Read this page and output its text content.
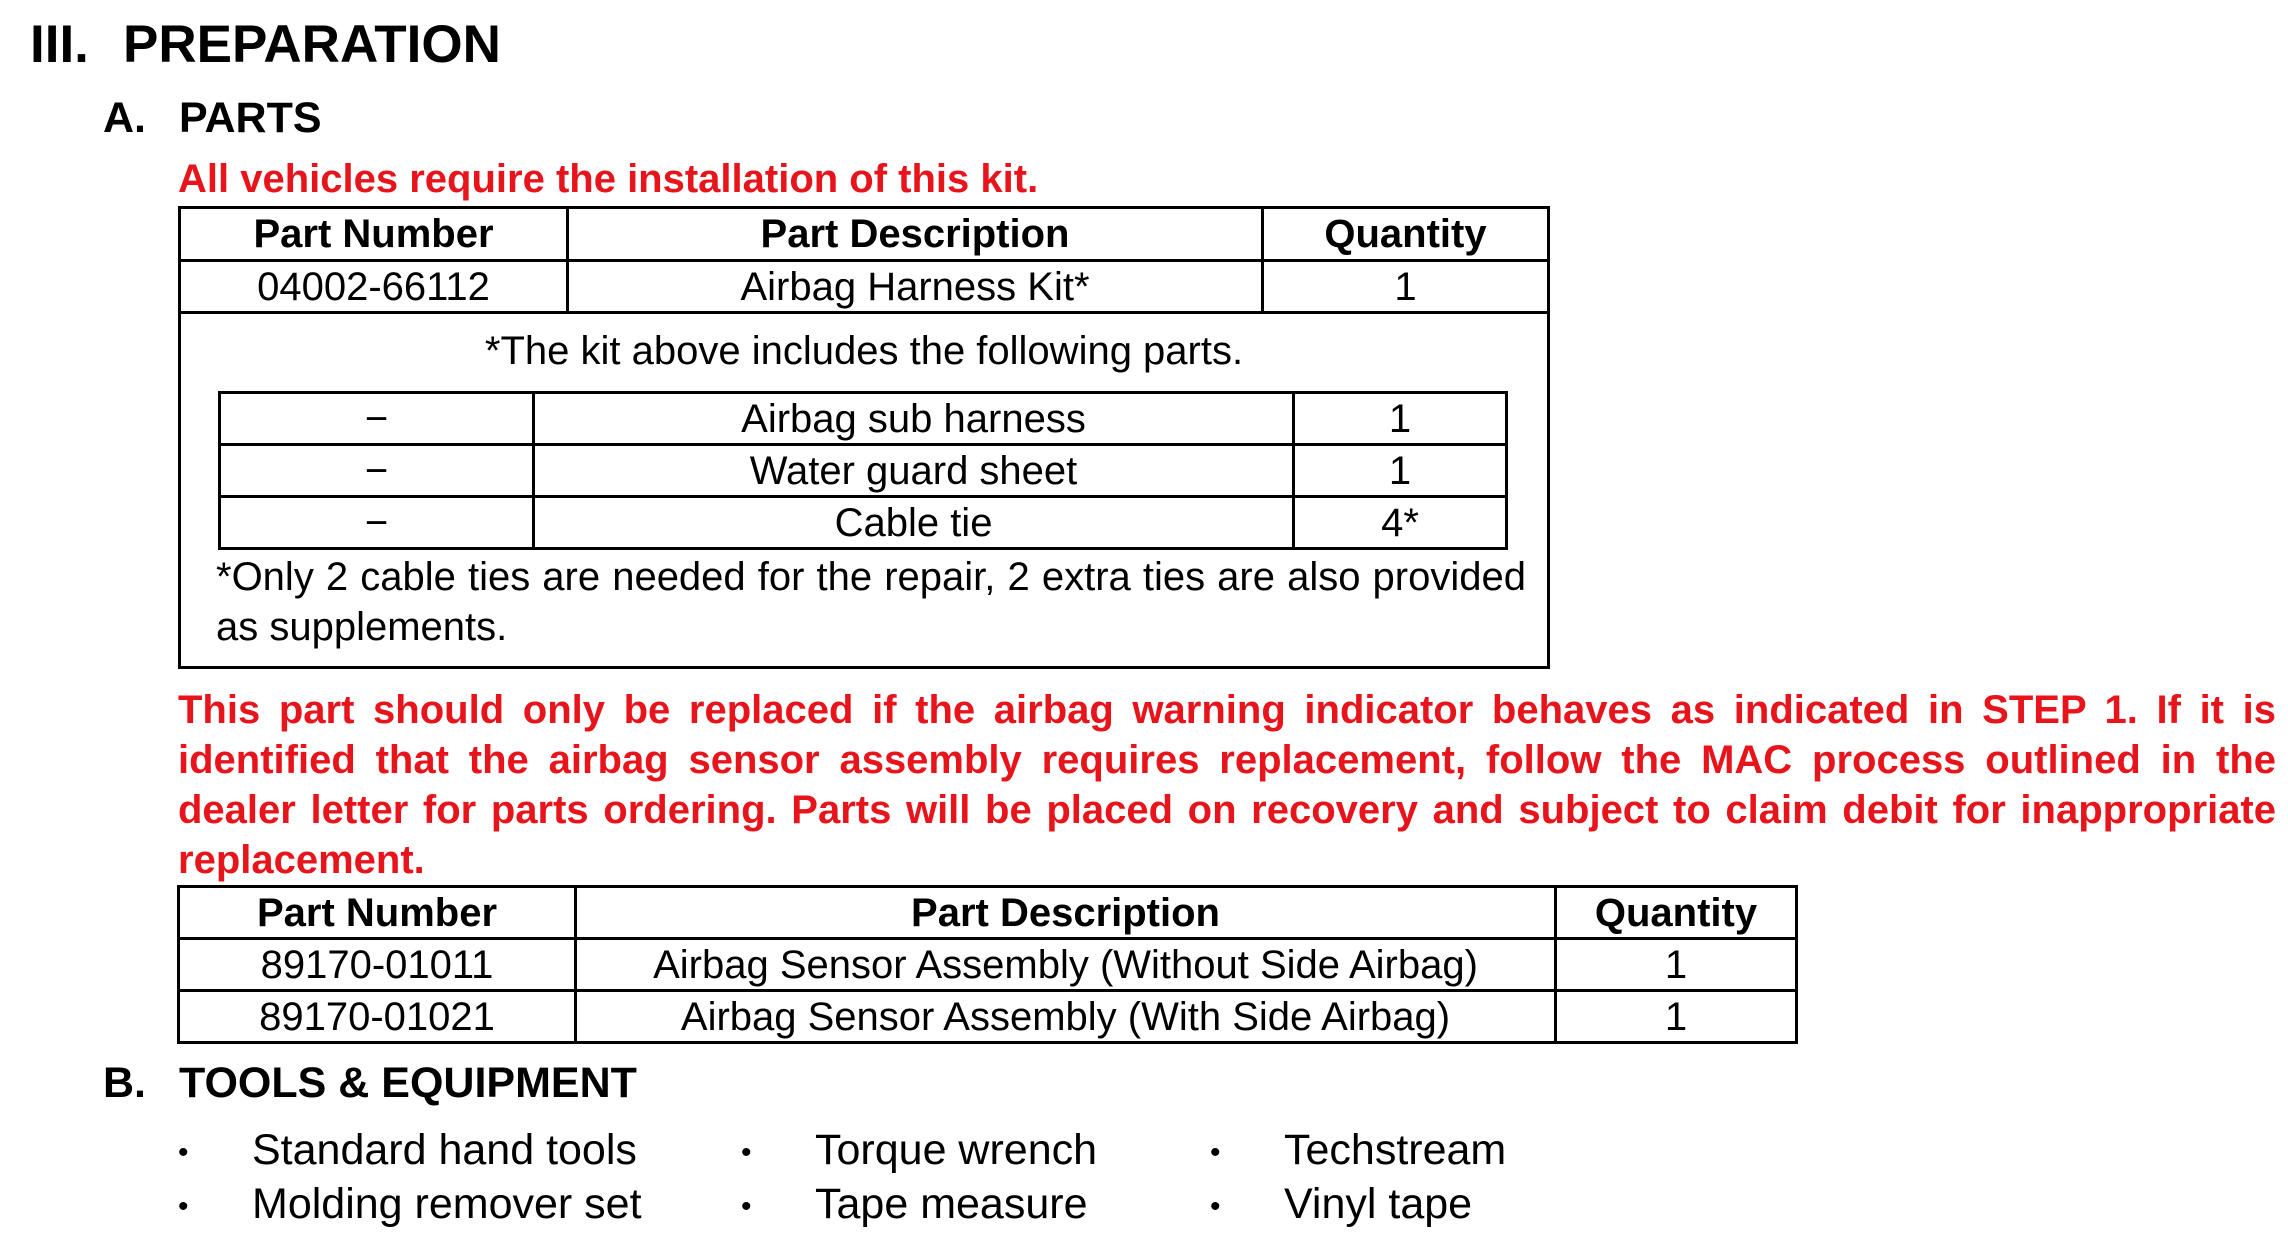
III. PREPARATION
A. PARTS
All vehicles require the installation of this kit.
Part Number	Part Description	Quantity
04002-66112	Airbag Harness Kit*	1
*The kit above includes the following parts.
−	Airbag sub harness	1
−	Water guard sheet	1
−	Cable tie	4*
*Only 2 cable ties are needed for the repair, 2 extra ties are also provided as supplements.
This part should only be replaced if the airbag warning indicator behaves as indicated in STEP 1. If it is identified that the airbag sensor assembly requires replacement, follow the MAC process outlined in the dealer letter for parts ordering. Parts will be placed on recovery and subject to claim debit for inappropriate replacement.
Part Number	Part Description	Quantity
89170-01011	Airbag Sensor Assembly (Without Side Airbag)	1
89170-01021	Airbag Sensor Assembly (With Side Airbag)	1
B. TOOLS & EQUIPMENT
• Standard hand tools	• Torque wrench	• Techstream
• Molding remover set	• Tape measure	• Vinyl tape
